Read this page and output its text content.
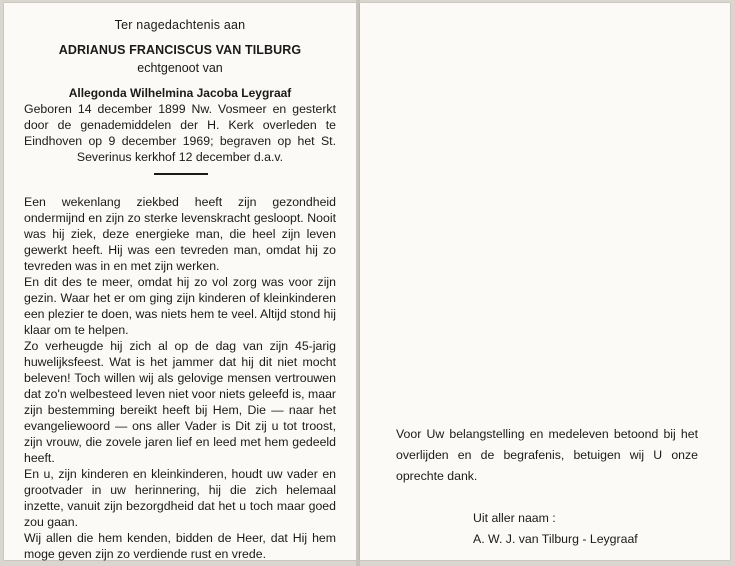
Ter nagedachtenis aan
ADRIANUS FRANCISCUS VAN TILBURG
echtgenoot van
Allegonda Wilhelmina Jacoba Leygraaf
Geboren 14 december 1899 Nw. Vosmeer en gesterkt door de genademiddelen der H. Kerk overleden te Eindhoven op 9 december 1969; begraven op het St. Severinus kerkhof 12 december d.a.v.

Een wekenlang ziekbed heeft zijn gezondheid ondermijnd en zijn zo sterke levenskracht gesloopt. Nooit was hij ziek, deze energieke man, die heel zijn leven gewerkt heeft. Hij was een tevreden man, omdat hij zo tevreden was in en met zijn werken.

En dit des te meer, omdat hij zo vol zorg was voor zijn gezin. Waar het er om ging zijn kinderen of kleinkinderen een plezier te doen, was niets hem te veel. Altijd stond hij klaar om te helpen.

Zo verheugde hij zich al op de dag van zijn 45-jarig huwelijksfeest. Wat is het jammer dat hij dit niet mocht beleven! Toch willen wij als gelovige mensen vertrouwen dat zo'n welbesteed leven niet voor niets geleefd is, maar zijn bestemming bereikt heeft bij Hem, Die — naar het evangeliewoord — ons aller Vader is Dit zij u tot troost, zijn vrouw, die zovele jaren lief en leed met hem gedeeld heeft.

En u, zijn kinderen en kleinkinderen, houdt uw vader en grootvader in uw herinnering, hij die zich helemaal inzette, vanuit zijn bezorgdheid dat het u toch maar goed zou gaan.

Wij allen die hem kenden, bidden de Heer, dat Hij hem moge geven zijn zo verdiende rust en vrede.

Voor Uw belangstelling en medeleven betoond bij het overlijden en de begrafenis, betuigen wij U onze oprechte dank.
Uit aller naam :
A. W. J. van Tilburg - Leygraaf
